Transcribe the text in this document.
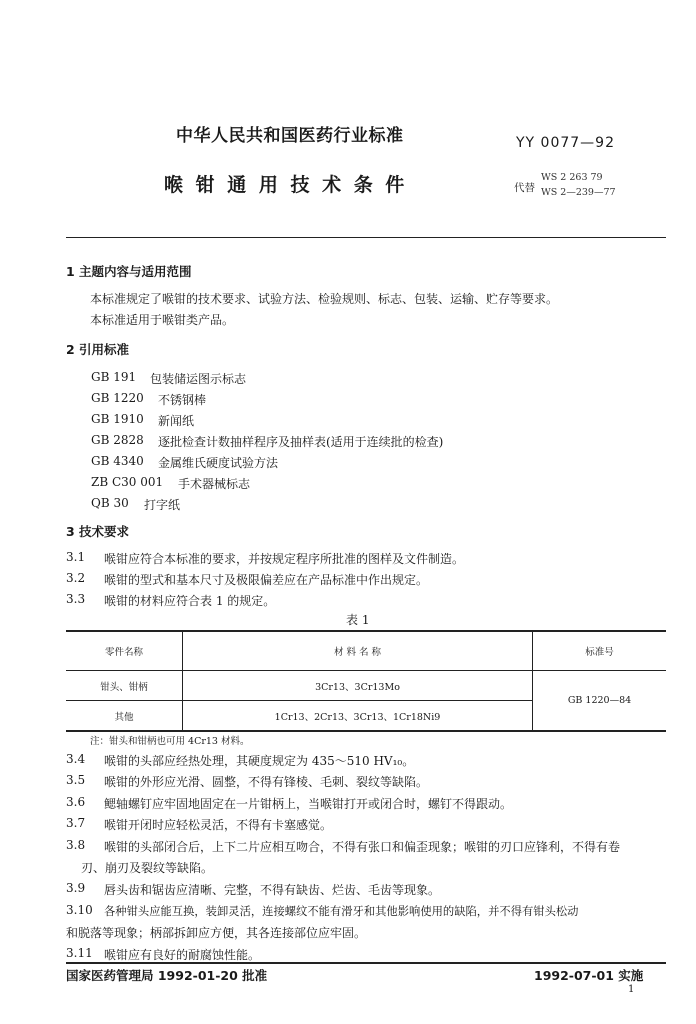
中华人民共和国医药行业标准	YY 0077—92
喉 钳 通 用 技 术 条 件	代替
WS 2 263 79
WS 2—239—77
1 主题内容与适用范围
本标准规定了喉钳的技术要求、试验方法、检验规则、标志、包装、运输、贮存等要求。
本标准适用于喉钳类产品。
2 引用标准
GB 191 包装储运图示标志
GB 1220 不锈钢棒
GB 1910 新闻纸
GB 2828 逐批检查计数抽样程序及抽样表(适用于连续批的检查)
GB 4340 金属维氏硬度试验方法
ZB C30 001 手术器械标志
QB 30 打字纸
3 技术要求
3.1 喉钳应符合本标准的要求，并按规定程序所批准的图样及文件制造。
3.2 喉钳的型式和基本尺寸及极限偏差应在产品标准中作出规定。
3.3 喉钳的材料应符合表 1 的规定。
表 1
零件名称	材 料 名 称	标准号
钳头、钳柄	3Cr13、3Cr13Mo	GB 1220—84
其他	1Cr13、2Cr13、3Cr13、1Cr18Ni9	
注：钳头和钳柄也可用 4Cr13 材料。
3.4 喉钳的头部应经热处理，其硬度规定为 435～510 HV₁₀。
3.5 喉钳的外形应光滑、圆整，不得有锋棱、毛刺、裂纹等缺陷。
3.6 鳃轴螺钉应牢固地固定在一片钳柄上，当喉钳打开或闭合时，螺钉不得跟动。
3.7 喉钳开闭时应轻松灵活，不得有卡塞感觉。
3.8 喉钳的头部闭合后，上下二片应相互吻合，不得有张口和偏歪现象；喉钳的刃口应锋利，不得有卷
刃、崩刃及裂纹等缺陷。
3.9 唇头齿和锯齿应清晰、完整，不得有缺齿、烂齿、毛齿等现象。
3.10 各种钳头应能互换，装卸灵活，连接螺纹不能有滑牙和其他影响使用的缺陷，并不得有钳头松动
和脱落等现象；柄部拆卸应方便，其各连接部位应牢固。
3.11 喉钳应有良好的耐腐蚀性能。
国家医药管理局 1992-01-20 批准	1992-07-01 实施
1
